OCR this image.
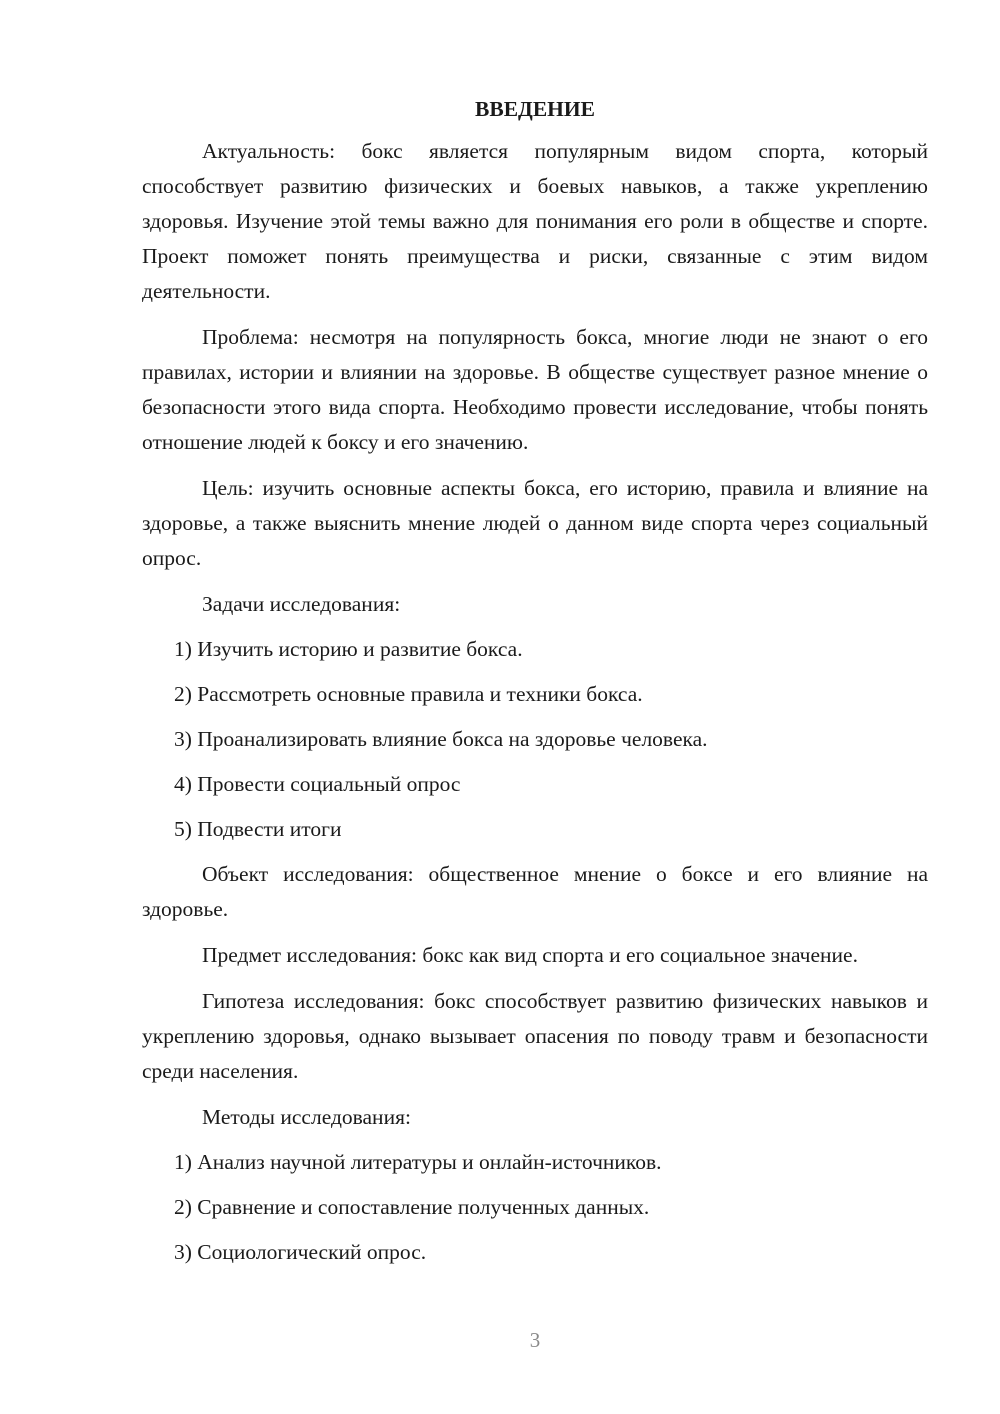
ВВЕДЕНИЕ

Актуальность: бокс является популярным видом спорта, который способствует развитию физических и боевых навыков, а также укреплению здоровья. Изучение этой темы важно для понимания его роли в обществе и спорте. Проект поможет понять преимущества и риски, связанные с этим видом деятельности.

Проблема: несмотря на популярность бокса, многие люди не знают о его правилах, истории и влиянии на здоровье. В обществе существует разное мнение о безопасности этого вида спорта. Необходимо провести исследование, чтобы понять отношение людей к боксу и его значению.

Цель: изучить основные аспекты бокса, его историю, правила и влияние на здоровье, а также выяснить мнение людей о данном виде спорта через социальный опрос.

Задачи исследования:
1) Изучить историю и развитие бокса.
2) Рассмотреть основные правила и техники бокса.
3) Проанализировать влияние бокса на здоровье человека.
4) Провести социальный опрос
5) Подвести итоги

Объект исследования: общественное мнение о боксе и его влияние на здоровье.

Предмет исследования: бокс как вид спорта и его социальное значение.

Гипотеза исследования: бокс способствует развитию физических навыков и укреплению здоровья, однако вызывает опасения по поводу травм и безопасности среди населения.

Методы исследования:
1) Анализ научной литературы и онлайн-источников.
2) Сравнение и сопоставление полученных данных.
3) Социологический опрос.
3
